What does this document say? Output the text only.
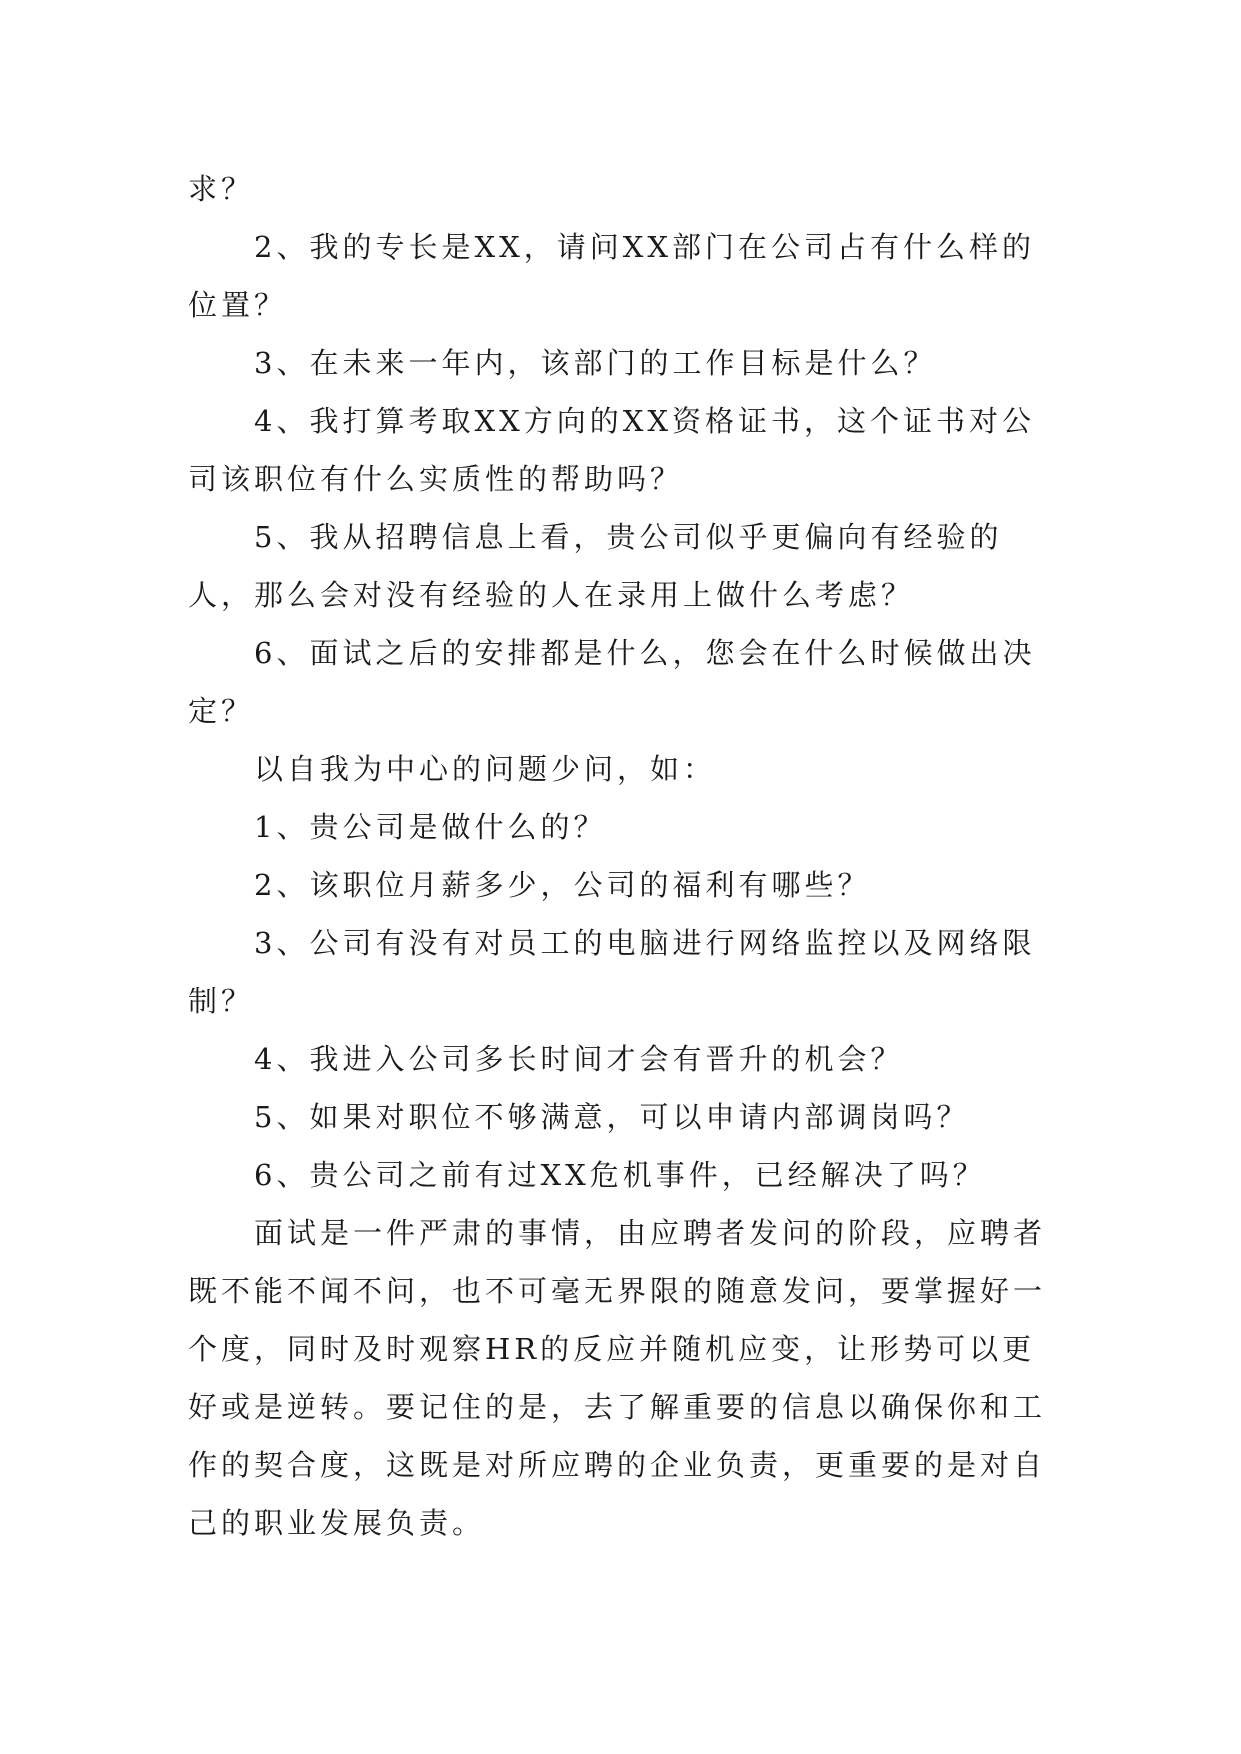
求？

2、我的专长是XX，请问XX部门在公司占有什么样的位置？

3、在未来一年内，该部门的工作目标是什么？

4、我打算考取XX方向的XX资格证书，这个证书对公司该职位有什么实质性的帮助吗？

5、我从招聘信息上看，贵公司似乎更偏向有经验的人，那么会对没有经验的人在录用上做什么考虑？

6、面试之后的安排都是什么，您会在什么时候做出决定？

以自我为中心的问题少问，如：

1、贵公司是做什么的？

2、该职位月薪多少，公司的福利有哪些？

3、公司有没有对员工的电脑进行网络监控以及网络限制？

4、我进入公司多长时间才会有晋升的机会？

5、如果对职位不够满意，可以申请内部调岗吗？

6、贵公司之前有过XX危机事件，已经解决了吗？

面试是一件严肃的事情，由应聘者发问的阶段，应聘者既不能不闻不问，也不可毫无界限的随意发问，要掌握好一个度，同时及时观察HR的反应并随机应变，让形势可以更好或是逆转。要记住的是，去了解重要的信息以确保你和工作的契合度，这既是对所应聘的企业负责，更重要的是对自己的职业发展负责。
